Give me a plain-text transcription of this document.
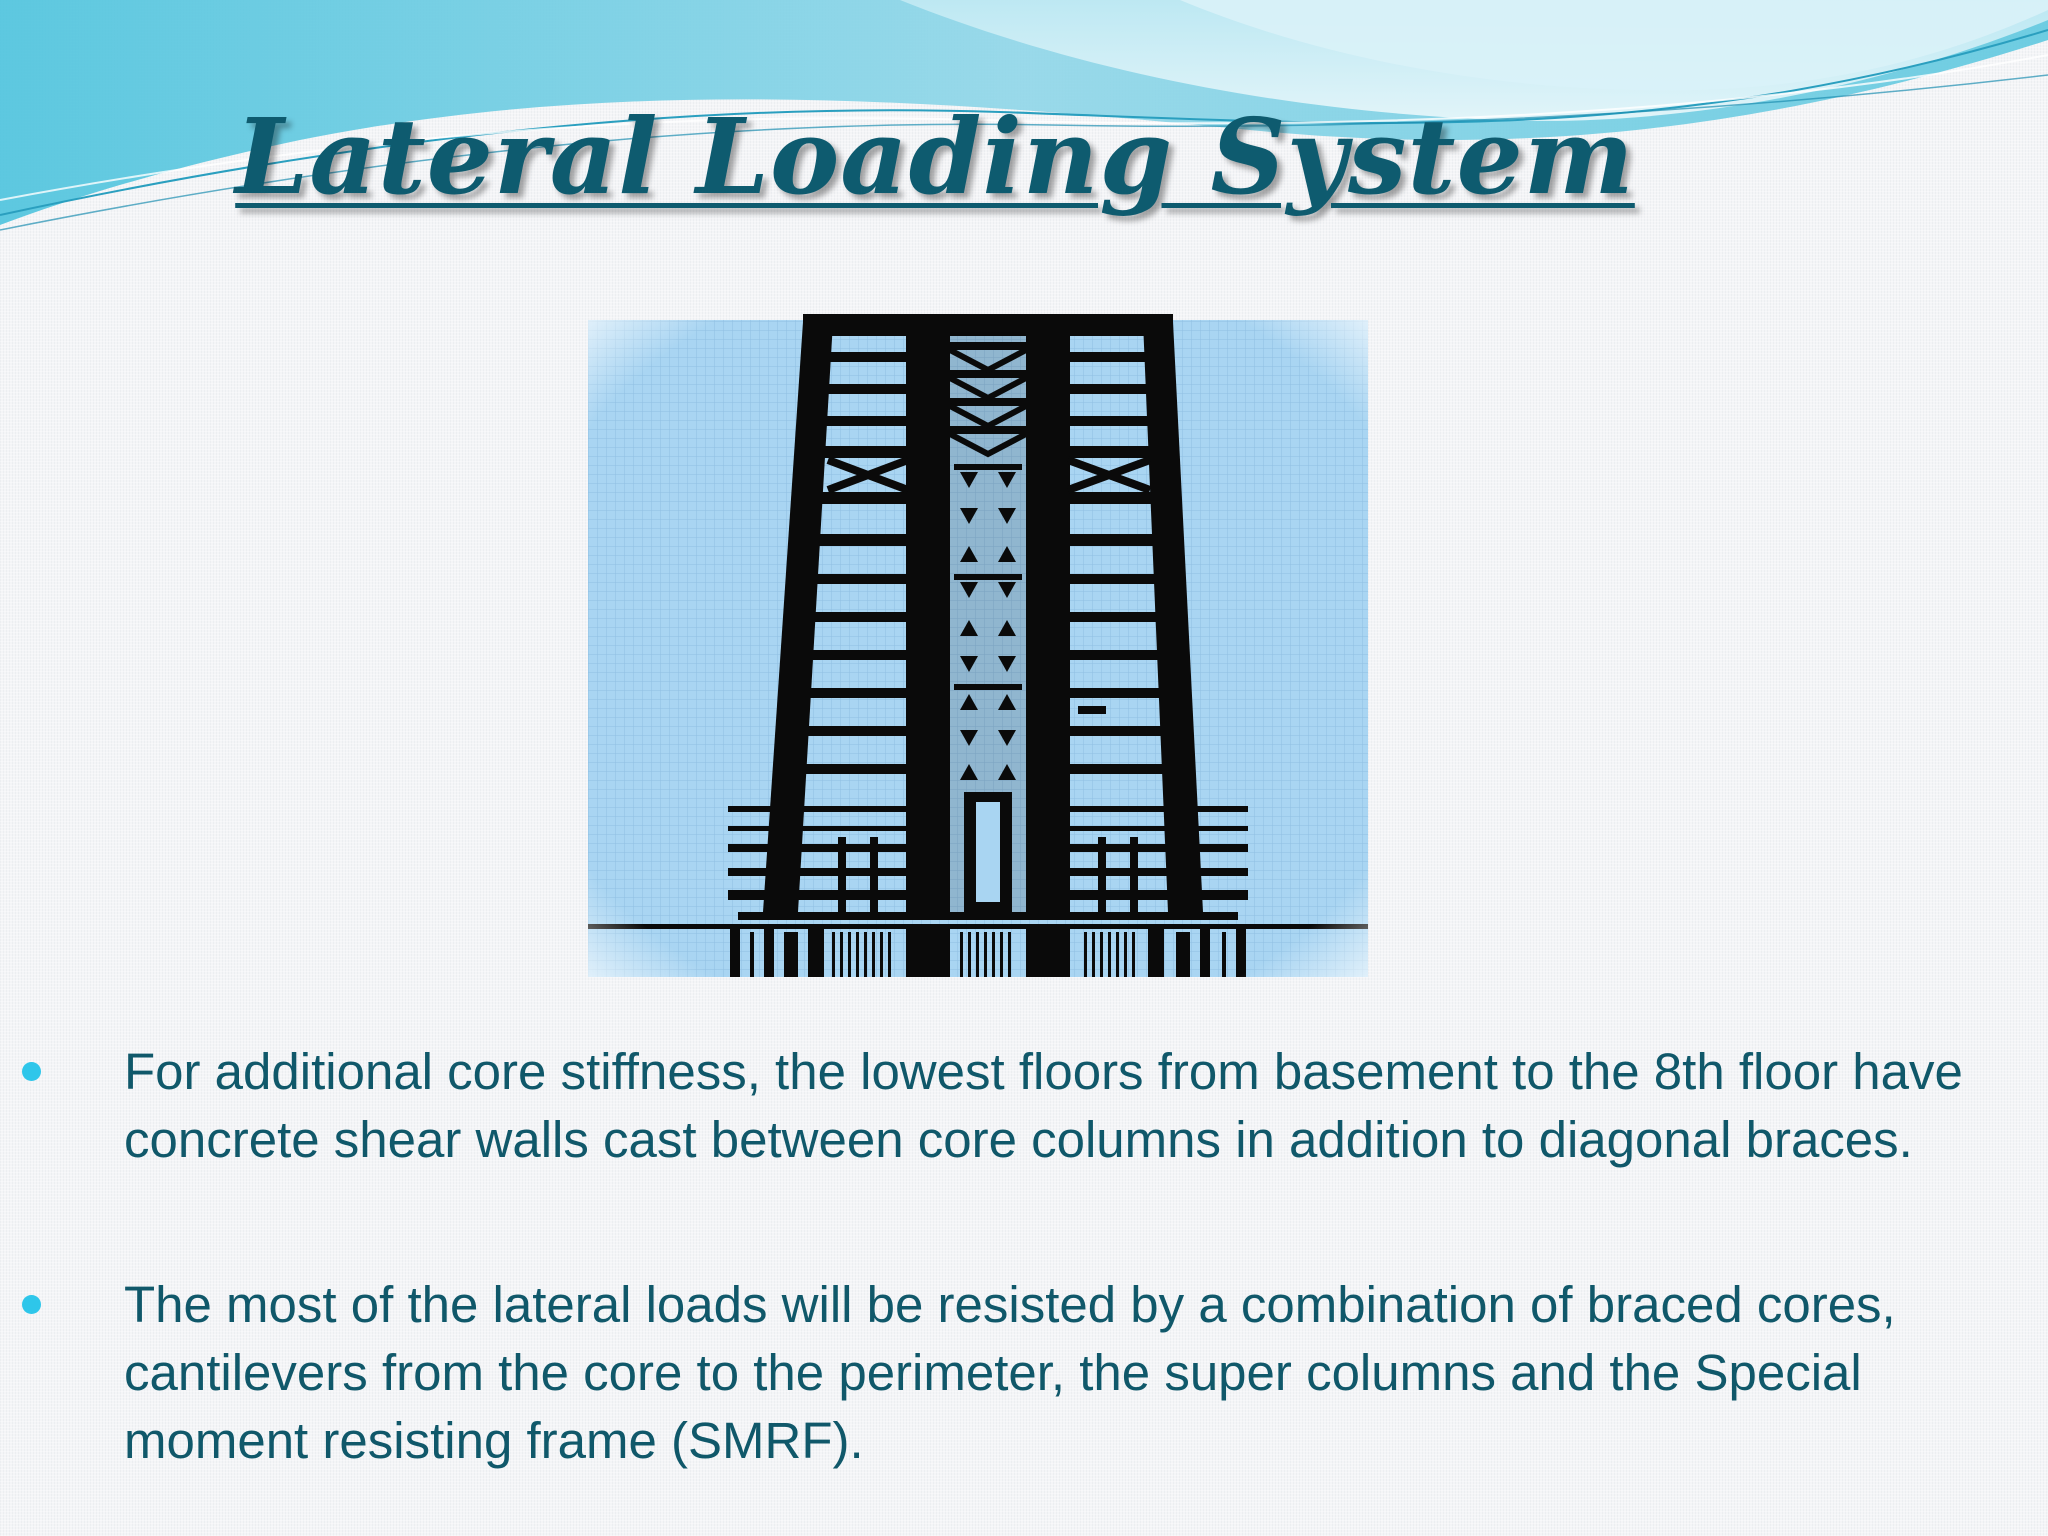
Lateral Loading System
For additional core stiffness, the lowest floors from basement to the 8th floor have concrete shear walls cast between core columns in addition to diagonal braces.
The most of the lateral loads will be resisted by a combination of braced cores, cantilevers from the core to the perimeter, the super columns and the Special moment resisting frame (SMRF).
